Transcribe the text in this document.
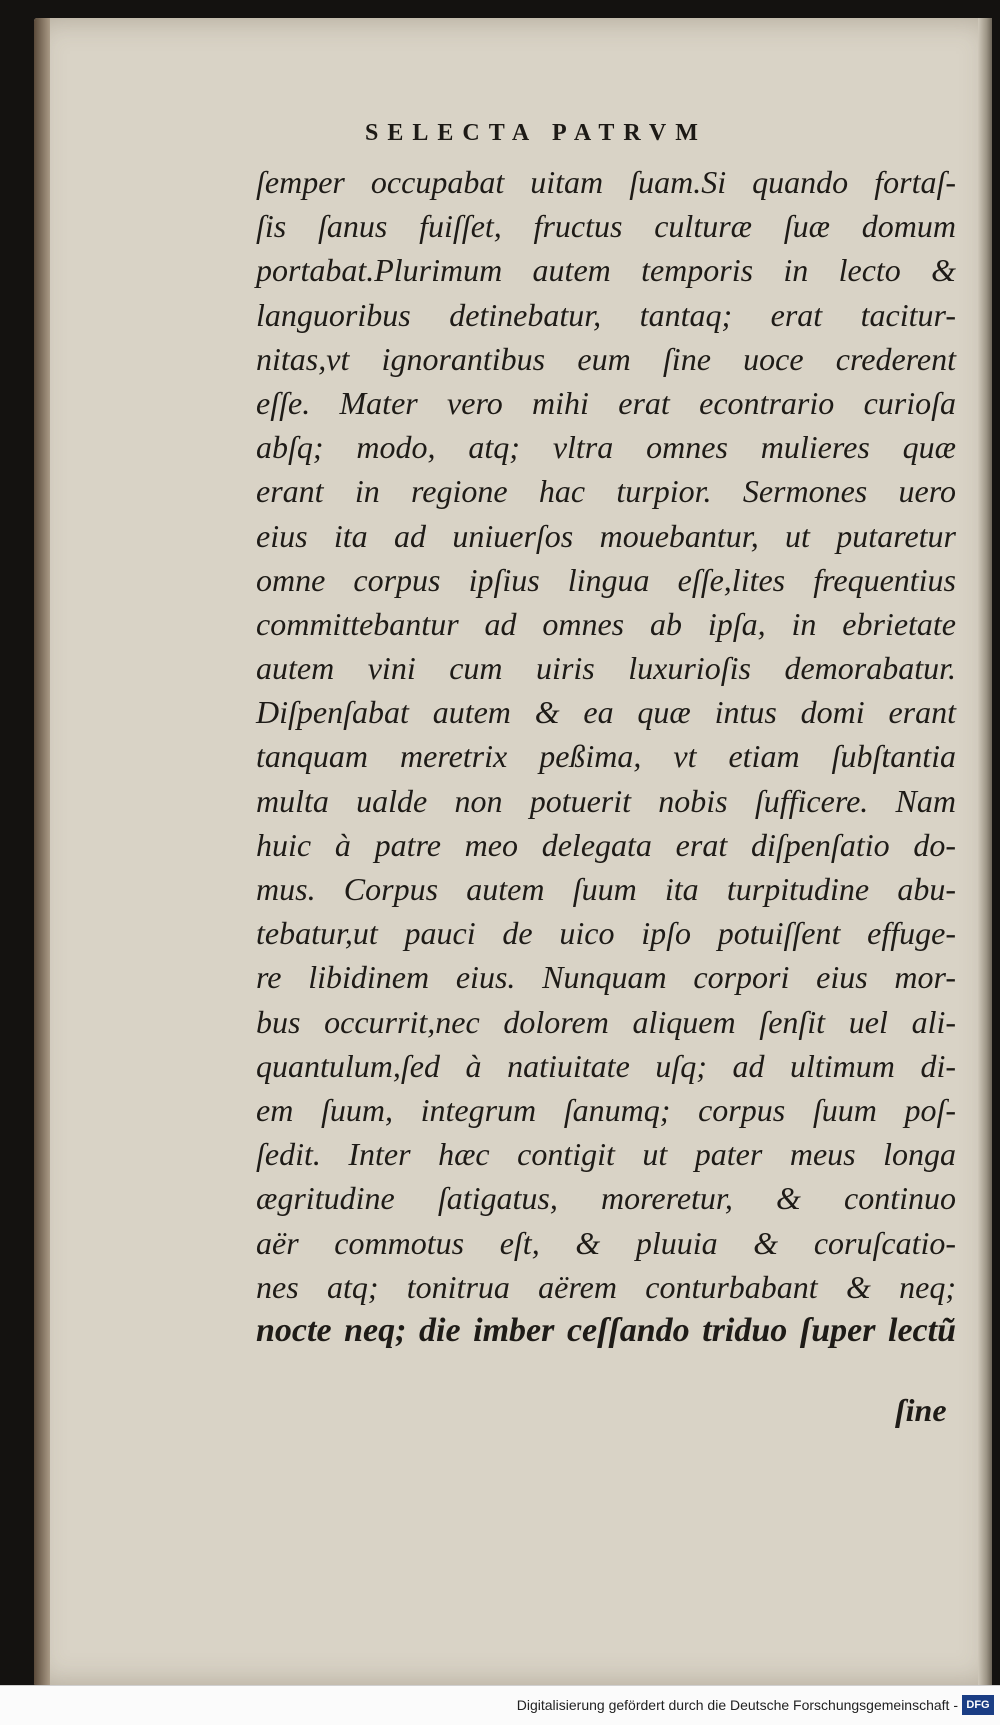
SELECTA PATRVM
ſemper occupabat uitam ſuam.Si quando fortaſ-
ſis ſanus fuiſſet, fructus culturæ ſuæ domum
portabat.Plurimum autem temporis in lecto &
languoribus detinebatur, tantaq; erat tacitur-
nitas,vt ignorantibus eum ſine uoce crederent
eſſe. Mater vero mihi erat econtrario curioſa
abſq; modo, atq; vltra omnes mulieres quæ
erant in regione hac turpior. Sermones uero
eius ita ad uniuerſos mouebantur, ut putaretur
omne corpus ipſius lingua eſſe,lites frequentius
committebantur ad omnes ab ipſa, in ebrietate
autem vini cum uiris luxurioſis demorabatur.
Diſpenſabat autem & ea quæ intus domi erant
tanquam meretrix peßima, vt etiam ſubſtantia
multa ualde non potuerit nobis ſufficere. Nam
huic à patre meo delegata erat diſpenſatio do-
mus. Corpus autem ſuum ita turpitudine abu-
tebatur,ut pauci de uico ipſo potuiſſent effuge-
re libidinem eius. Nunquam corpori eius mor-
bus occurrit,nec dolorem aliquem ſenſit uel ali-
quantulum,ſed à natiuitate uſq; ad ultimum di-
em ſuum, integrum ſanumq; corpus ſuum poſ-
ſedit. Inter hæc contigit ut pater meus longa
ægritudine ſatigatus, moreretur, & continuo
aër commotus eſt, & pluuia & coruſcatio-
nes atq; tonitrua aërem conturbabant & neq;
nocte neq; die imber ceſſando triduo ſuper lectũ
ſine
Digitalisierung gefördert durch die Deutsche Forschungsgemeinschaft - DFG
